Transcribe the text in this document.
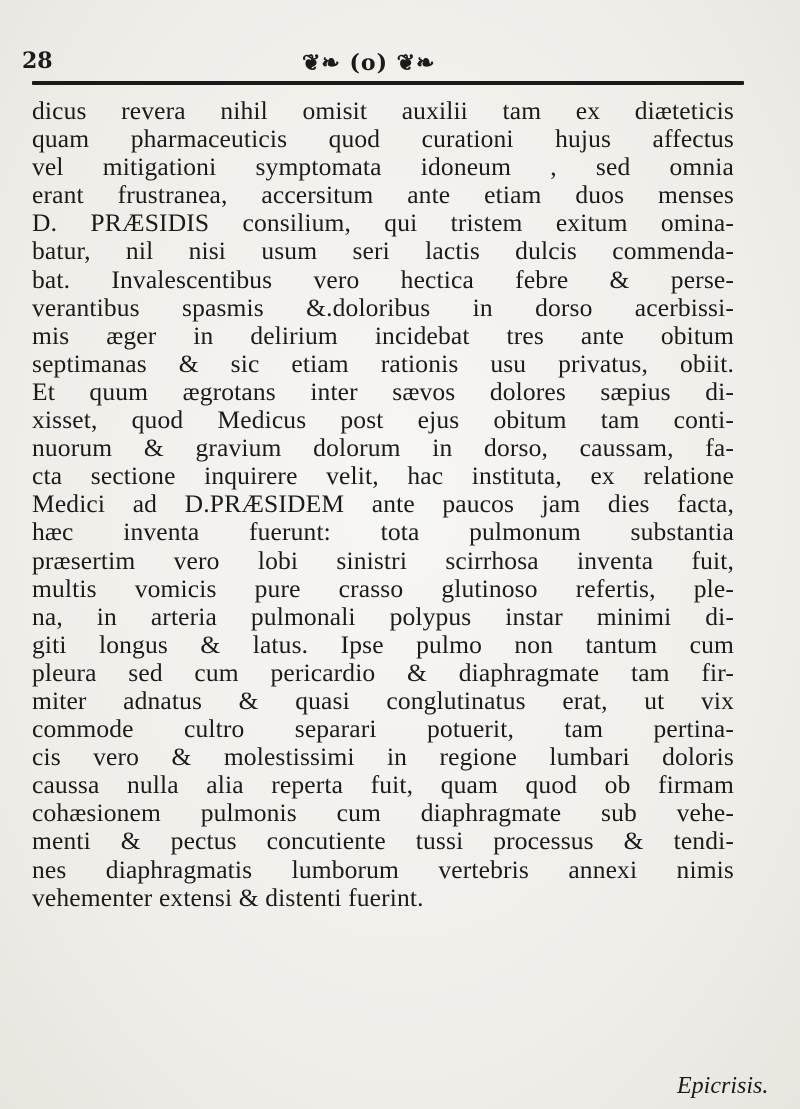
28	❦❧ (o) ❦❧
dicus revera nihil omisit auxilii tam ex diæteticis
quam pharmaceuticis quod curationi hujus affectus
vel mitigationi symptomata idoneum , sed omnia
erant frustranea, accersitum ante etiam duos menses
D. PRÆSIDIS consilium, qui tristem exitum omina-
batur, nil nisi usum seri lactis dulcis commenda-
bat. Invalescentibus vero hectica febre & perse-
verantibus spasmis &.doloribus in dorso acerbissi-
mis æger in delirium incidebat tres ante obitum
septimanas & sic etiam rationis usu privatus, obiit.
Et quum ægrotans inter sævos dolores sæpius di-
xisset, quod Medicus post ejus obitum tam conti-
nuorum & gravium dolorum in dorso, caussam, fa-
cta sectione inquirere velit, hac instituta, ex relatione
Medici ad D.PRÆSIDEM ante paucos jam dies facta,
hæc inventa fuerunt: tota pulmonum substantia
præsertim vero lobi sinistri scirrhosa inventa fuit,
multis vomicis pure crasso glutinoso refertis, ple-
na, in arteria pulmonali polypus instar minimi di-
giti longus & latus. Ipse pulmo non tantum cum
pleura sed cum pericardio & diaphragmate tam fir-
miter adnatus & quasi conglutinatus erat, ut vix
commode cultro separari potuerit, tam pertina-
cis vero & molestissimi in regione lumbari doloris
caussa nulla alia reperta fuit, quam quod ob firmam
cohæsionem pulmonis cum diaphragmate sub vehe-
menti & pectus concutiente tussi processus & tendi-
nes diaphragmatis lumborum vertebris annexi nimis
vehementer extensi & distenti fuerint.
Epicrisis.
